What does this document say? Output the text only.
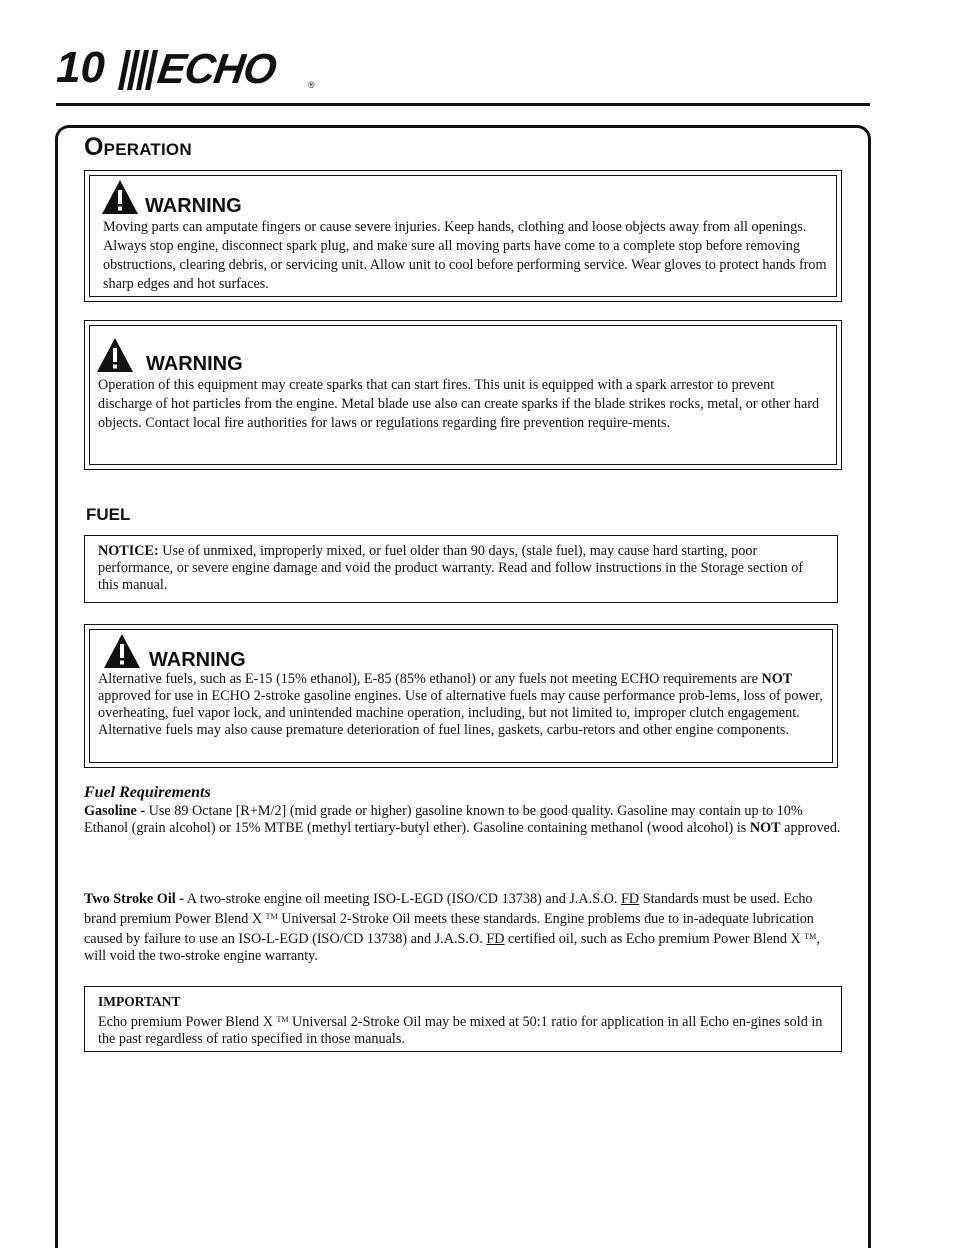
10 ECHO	®
OPERATION
WARNING
Moving parts can amputate fingers or cause severe injuries. Keep hands, clothing and loose objects away from all openings. Always stop engine, disconnect spark plug, and make sure all moving parts have come to a complete stop before removing obstructions, clearing debris, or servicing unit. Allow unit to cool before performing service. Wear gloves to protect hands from sharp edges and hot surfaces.
WARNING
Operation of this equipment may create sparks that can start fires. This unit is equipped with a spark arrestor to prevent discharge of hot particles from the engine. Metal blade use also can create sparks if the blade strikes rocks, metal, or other hard objects. Contact local fire authorities for laws or regulations regarding fire prevention require-ments.
FUEL
NOTICE: Use of unmixed, improperly mixed, or fuel older than 90 days, (stale fuel), may cause hard starting, poor performance, or severe engine damage and void the product warranty. Read and follow instructions in the Storage section of this manual.
WARNING
Alternative fuels, such as E-15 (15% ethanol), E-85 (85% ethanol) or any fuels not meeting ECHO requirements are NOT approved for use in ECHO 2-stroke gasoline engines. Use of alternative fuels may cause performance prob-lems, loss of power, overheating, fuel vapor lock, and unintended machine operation, including, but not limited to, improper clutch engagement. Alternative fuels may also cause premature deterioration of fuel lines, gaskets, carbu-retors and other engine components.
Fuel Requirements
Gasoline - Use 89 Octane [R+M/2] (mid grade or higher) gasoline known to be good quality. Gasoline may contain up to 10% Ethanol (grain alcohol) or 15% MTBE (methyl tertiary-butyl ether). Gasoline containing methanol (wood alcohol) is NOT approved.
Two Stroke Oil - A two-stroke engine oil meeting ISO-L-EGD (ISO/CD 13738) and J.A.S.O. FD Standards must be used. Echo brand premium Power Blend X ™ Universal 2-Stroke Oil meets these standards. Engine problems due to in-adequate lubrication caused by failure to use an ISO-L-EGD (ISO/CD 13738) and J.A.S.O. FD certified oil, such as Echo premium Power Blend X ™, will void the two-stroke engine warranty.
IMPORTANT
Echo premium Power Blend X ™ Universal 2-Stroke Oil may be mixed at 50:1 ratio for application in all Echo en-gines sold in the past regardless of ratio specified in those manuals.
